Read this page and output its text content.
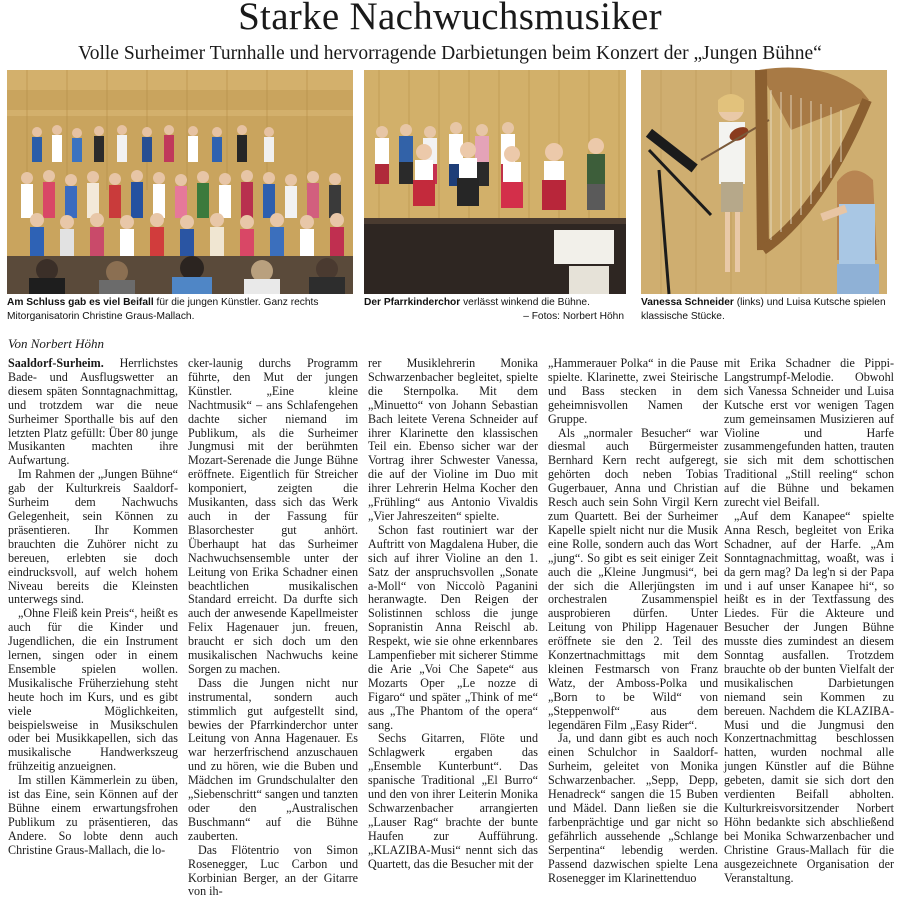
Starke Nachwuchsmusiker
Volle Surheimer Turnhalle und hervorragende Darbietungen beim Konzert der „Jungen Bühne“
Am Schluss gab es viel Beifall für die jungen Künstler. Ganz rechts Mitorganisatorin Christine Graus-Mallach.
Der Pfarrkinderchor verlässt winkend die Bühne.
– Fotos: Norbert Höhn
Vanessa Schneider (links) und Luisa Kutsche spielen klassische Stücke.
Von Norbert Höhn

Saaldorf-Surheim. Herrlichstes Bade- und Ausflugswetter an diesem späten Sonntagnachmittag, und trotzdem war die neue Surheimer Sporthalle bis auf den letzten Platz gefüllt: Über 80 junge Musikanten machten ihre Aufwartung.

Im Rahmen der „Jungen Bühne“ gab der Kulturkreis Saaldorf-Surheim dem Nachwuchs Gelegenheit, sein Können zu präsentieren. Ihr Kommen brauchten die Zuhörer nicht zu bereuen, erlebten sie doch eindrucksvoll, auf welch hohem Niveau bereits die Kleinsten unterwegs sind.

„Ohne Fleiß kein Preis“, heißt es auch für die Kinder und Jugendlichen, die ein Instrument lernen, singen oder in einem Ensemble spielen wollen. Musikalische Früherziehung steht heute hoch im Kurs, und es gibt viele Möglichkeiten, beispielsweise in Musikschulen oder bei Musikkapellen, sich das musikalische Handwerkszeug frühzeitig anzueignen.

Im stillen Kämmerlein zu üben, ist das Eine, sein Können auf der Bühne einem erwartungsfrohen Publikum zu präsentieren, das Andere. So lobte denn auch Christine Graus-Mallach, die lo-

cker-launig durchs Programm führte, den Mut der jungen Künstler. „Eine kleine Nachtmusik“ – ans Schlafengehen dachte sicher niemand im Publikum, als die Surheimer Jungmusi mit der berühmten Mozart-Serenade die Junge Bühne eröffnete. Eigentlich für Streicher komponiert, zeigten die Musikanten, dass sich das Werk auch in der Fassung für Blasorchester gut anhört. Überhaupt hat das Surheimer Nachwuchsensemble unter der Leitung von Erika Schadner einen beachtlichen musikalischen Standard erreicht. Da durfte sich auch der anwesende Kapellmeister Felix Hagenauer jun. freuen, braucht er sich doch um den musikalischen Nachwuchs keine Sorgen zu machen.

Dass die Jungen nicht nur instrumental, sondern auch stimmlich gut aufgestellt sind, bewies der Pfarrkinderchor unter Leitung von Anna Hagenauer. Es war herzerfrischend anzuschauen und zu hören, wie die Buben und Mädchen im Grundschulalter den „Siebenschritt“ sangen und tanzten oder den „Australischen Buschmann“ auf die Bühne zauberten.

Das Flötentrio von Simon Rosenegger, Luc Carbon und Korbinian Berger, an der Gitarre von ih-

rer Musiklehrerin Monika Schwarzenbacher begleitet, spielte die Sternpolka. Mit dem „Minuetto“ von Johann Sebastian Bach leitete Verena Schneider auf ihrer Klarinette den klassischen Teil ein. Ebenso sicher war der Vortrag ihrer Schwester Vanessa, die auf der Violine im Duo mit ihrer Lehrerin Helma Kocher den „Frühling“ aus Antonio Vivaldis „Vier Jahreszeiten“ spielte.

Schon fast routiniert war der Auftritt von Magdalena Huber, die sich auf ihrer Violine an den 1. Satz der anspruchsvollen „Sonate a-Moll“ von Niccolò Paganini heranwagte. Den Reigen der Solistinnen schloss die junge Sopranistin Anna Reischl ab. Respekt, wie sie ohne erkennbares Lampenfieber mit sicherer Stimme die Arie „Voi Che Sapete“ aus Mozarts Oper „Le nozze di Figaro“ und später „Think of me“ aus „The Phantom of the opera“ sang.

Sechs Gitarren, Flöte und Schlagwerk ergaben das „Ensemble Kunterbunt“. Das spanische Traditional „El Burro“ und den von ihrer Leiterin Monika Schwarzenbacher arrangierten „Lauser Rag“ brachte der bunte Haufen zur Aufführung. „KLAZIBA-Musi“ nennt sich das Quartett, das die Besucher mit der

„Hammerauer Polka“ in die Pause spielte. Klarinette, zwei Steirische und Bass stecken in dem geheimnisvollen Namen der Gruppe.

Als „normaler Besucher“ war diesmal auch Bürgermeister Bernhard Kern recht aufgeregt, gehörten doch neben Tobias Gugerbauer, Anna und Christian Resch auch sein Sohn Virgil Kern zum Quartett. Bei der Surheimer Kapelle spielt nicht nur die Musik eine Rolle, sondern auch das Wort „jung“. So gibt es seit einiger Zeit auch die „Kleine Jungmusi“, bei der sich die Allerjüngsten im orchestralen Zusammenspiel ausprobieren dürfen. Unter Leitung von Philipp Hagenauer eröffnete sie den 2. Teil des Konzertnachmittags mit dem kleinen Festmarsch von Franz Watz, der Amboss-Polka und „Born to be Wild“ von „Steppenwolf“ aus dem legendären Film „Easy Rider“.

Ja, und dann gibt es auch noch einen Schulchor in Saaldorf-Surheim, geleitet von Monika Schwarzenbacher. „Sepp, Depp, Henadreck“ sangen die 15 Buben und Mädel. Dann ließen sie die farbenprächtige und gar nicht so gefährlich aussehende „Schlange Serpentina“ lebendig werden. Passend dazwischen spielte Lena Rosenegger im Klarinettenduo

mit Erika Schadner die Pippi-Langstrumpf-Melodie. Obwohl sich Vanessa Schneider und Luisa Kutsche erst vor wenigen Tagen zum gemeinsamen Musizieren auf Violine und Harfe zusammengefunden hatten, trauten sie sich mit dem schottischen Traditional „Still reeling“ schon auf die Bühne und bekamen zurecht viel Beifall.

„Auf dem Kanapee“ spielte Anna Resch, begleitet von Erika Schadner, auf der Harfe. „Am Sonntagnachmittag, woaßt, was i da gern mag? Da leg'n si der Papa und i auf unser Kanapee hi“, so heißt es in der Textfassung des Liedes. Für die Akteure und Besucher der Jungen Bühne musste dies zumindest an diesem Sonntag ausfallen. Trotzdem brauchte ob der bunten Vielfalt der musikalischen Darbietungen niemand sein Kommen zu bereuen. Nachdem die KLAZIBA-Musi und die Jungmusi den Konzertnachmittag beschlossen hatten, wurden nochmal alle jungen Künstler auf die Bühne gebeten, damit sie sich dort den verdienten Beifall abholten. Kulturkreisvorsitzender Norbert Höhn bedankte sich abschließend bei Monika Schwarzenbacher und Christine Graus-Mallach für die ausgezeichnete Organisation der Veranstaltung.
